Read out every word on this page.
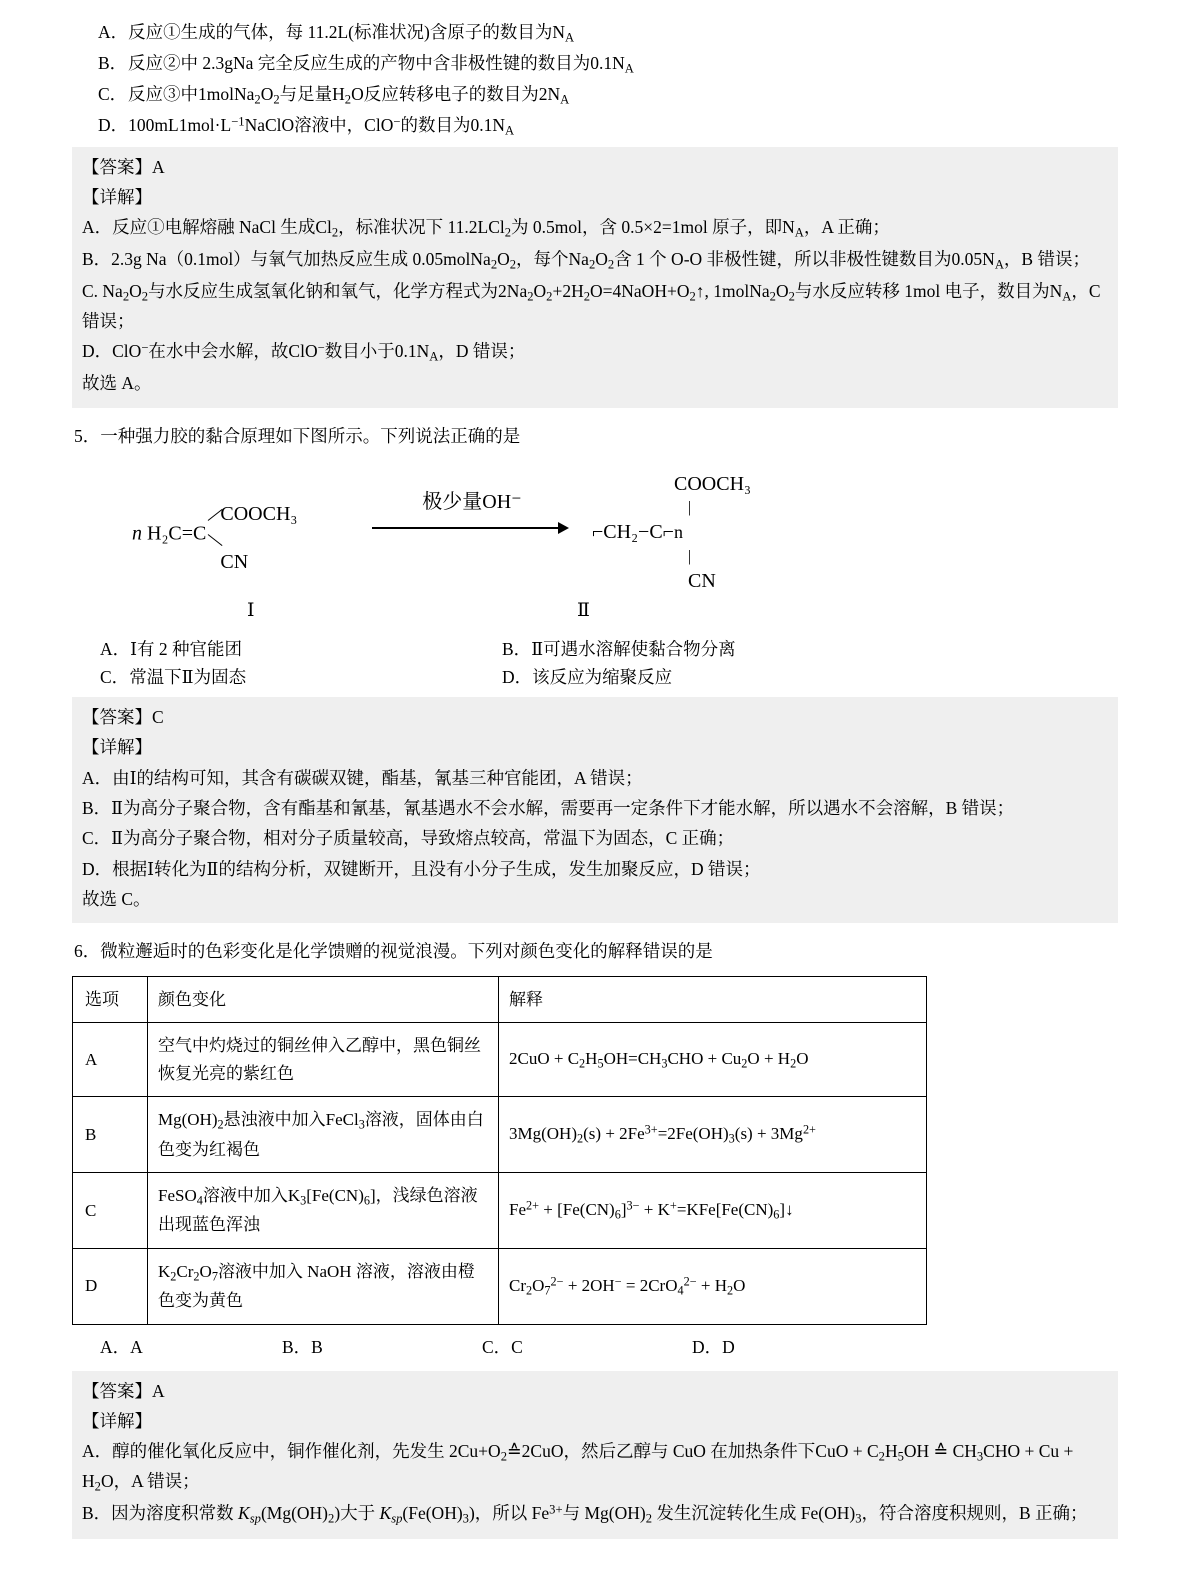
A．反应①生成的气体，每 11.2L(标准状况)含原子的数目为$N_A$

B．反应②中 2.3gNa 完全反应生成的产物中含非极性键的数目为$0.1N_A$

C．反应③中$1molNa_2O_2$与足量$H_2O$反应转移电子的数目为$2N_A$

D．$100mL1mol\cdot L^{-1}NaClO$溶液中，ClO−的数目为$0.1N_A$

【答案】A

【详解】

A．反应①电解熔融 NaCl 生成$Cl_2$，标准状况下 11.2LCl$_2$为 0.5mol，含 0.5×2=1mol 原子，即$N_A$，A 正确；

B．2.3g Na（0.1mol）与氧气加热反应生成 $0.05molNa_2O_2$，每个$Na_2O_2$含 1 个 O-O 非极性键，所以非极性键数目为$0.05N_A$，B 错误；

C. $Na_2O_2$与水反应生成氢氧化钠和氧气，化学方程式为$2Na_2O_2+2H_2O=4NaOH+O_2↑$, $1molNa_2O_2$与水反应转移 1mol 电子，数目为$N_A$，C 错误；

D．ClO−在水中会水解，故ClO−数目小于$0.1N_A$，D 错误；

故选 A。

5．一种强力胶的黏合原理如下图所示。下列说法正确的是

n H₂C=C
COOCH₃
CN
极少量OH⁻
COOCH₃
|
⌐CH₂−C⌐n
|
CN
Ⅰ	Ⅱ
A．Ⅰ有 2 种官能团	B．Ⅱ可遇水溶解使黏合物分离
C．常温下Ⅱ为固态	D．该反应为缩聚反应

【答案】C

【详解】

A．由Ⅰ的结构可知，其含有碳碳双键，酯基，氰基三种官能团，A 错误；

B．Ⅱ为高分子聚合物，含有酯基和氰基，氰基遇水不会水解，需要再一定条件下才能水解，所以遇水不会溶解，B 错误；

C．Ⅱ为高分子聚合物，相对分子质量较高，导致熔点较高，常温下为固态，C 正确；

D．根据Ⅰ转化为Ⅱ的结构分析，双键断开，且没有小分子生成，发生加聚反应，D 错误；

故选 C。

6．微粒邂逅时的色彩变化是化学馈赠的视觉浪漫。下列对颜色变化的解释错误的是

选项	颜色变化	解释
A	空气中灼烧过的铜丝伸入乙醇中，黑色铜丝恢复光亮的紫红色	$2CuO + C_2H_5OH=CH_3CHO + Cu_2O + H_2O$
B	$Mg(OH)_2$悬浊液中加入FeCl$_3$溶液，固体由白色变为红褐色	$3Mg(OH)_2(s) + 2Fe^{3+}=2Fe(OH)_3(s) + 3Mg^{2+}$
C	FeSO$_4$溶液中加入$K_3[Fe(CN)_6]$，浅绿色溶液出现蓝色浑浊	$Fe^{2+} + [Fe(CN)_6]^{3-}$ + $K^+=KFe[Fe(CN)_6]↓$
D	$K_2Cr_2O_7$溶液中加入 NaOH 溶液，溶液由橙色变为黄色	$Cr_2O_7^{2-} + 2OH^- = 2CrO_4^{2-} + H_2O$
A．A	B．B	C．C	D．D

【答案】A

【详解】

A．醇的催化氧化反应中，铜作催化剂，先发生 $2Cu+O_2≙2CuO$，然后乙醇与 CuO 在加热条件下CuO + $C_2H_5OH$ ≙ $CH_3CHO + Cu + H_2O$，A 错误；

B．因为溶度积常数 $K_{sp}(Mg(OH)_2)$大于 $K_{sp}(Fe(OH)_3)$，所以 $Fe^{3+}$与 $Mg(OH)_2$ 发生沉淀转化生成 $Fe(OH)_3$，符合溶度积规则，B 正确；
